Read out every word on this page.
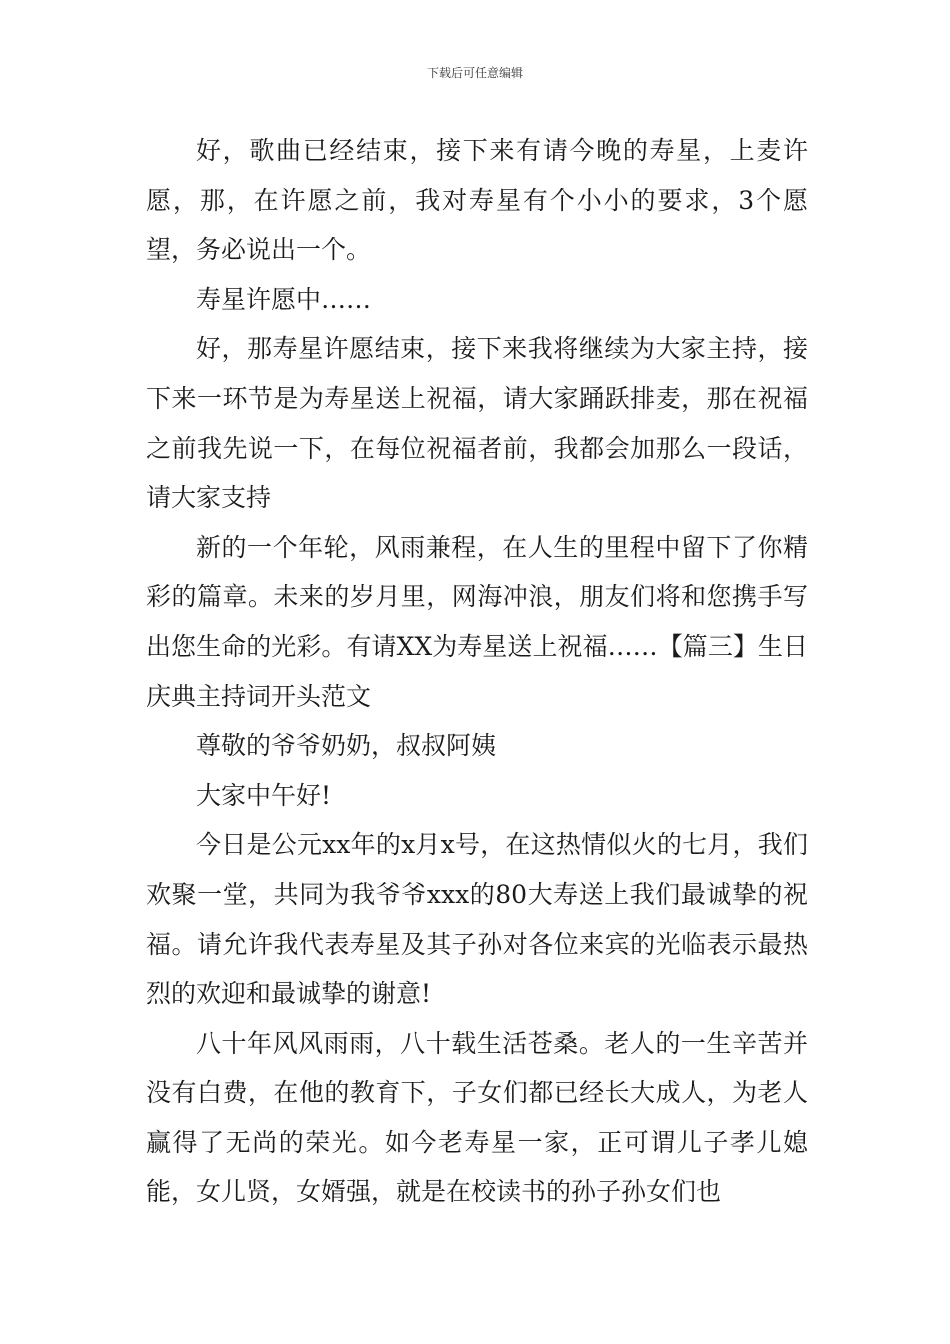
下载后可任意编辑

好，歌曲已经结束，接下来有请今晚的寿星，上麦许愿，那，在许愿之前，我对寿星有个小小的要求，3个愿望，务必说出一个。

寿星许愿中……

好，那寿星许愿结束，接下来我将继续为大家主持，接下来一环节是为寿星送上祝福，请大家踊跃排麦，那在祝福之前我先说一下，在每位祝福者前，我都会加那么一段话，请大家支持

新的一个年轮，风雨兼程，在人生的里程中留下了你精彩的篇章。未来的岁月里，网海冲浪，朋友们将和您携手写出您生命的光彩。有请XX为寿星送上祝福……【篇三】生日庆典主持词开头范文

尊敬的爷爷奶奶，叔叔阿姨

大家中午好!

今日是公元xx年的x月x号，在这热情似火的七月，我们欢聚一堂，共同为我爷爷xxx的80大寿送上我们最诚挚的祝福。请允许我代表寿星及其子孙对各位来宾的光临表示最热烈的欢迎和最诚挚的谢意!

八十年风风雨雨，八十载生活苍桑。老人的一生辛苦并没有白费，在他的教育下，子女们都已经长大成人，为老人赢得了无尚的荣光。如今老寿星一家，正可谓儿子孝儿媳能，女儿贤，女婿强，就是在校读书的孙子孙女们也
